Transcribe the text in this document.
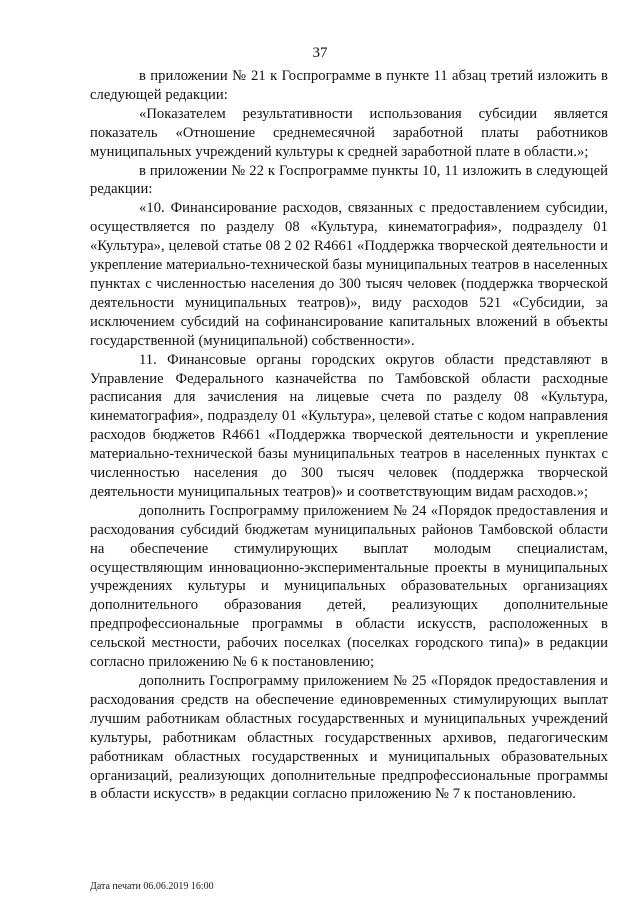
37

в приложении № 21 к Госпрограмме в пункте 11 абзац третий изложить в следующей редакции:

«Показателем результативности использования субсидии является показатель «Отношение среднемесячной заработной платы работников муниципальных учреждений культуры к средней заработной плате в области.»;

в приложении № 22 к Госпрограмме пункты 10, 11 изложить в следующей редакции:

«10. Финансирование расходов, связанных с предоставлением субсидии, осуществляется по разделу 08 «Культура, кинематография», подразделу 01 «Культура», целевой статье 08 2 02 R4661 «Поддержка творческой деятельности и укрепление материально-технической базы муниципальных театров в населенных пунктах с численностью населения до 300 тысяч человек (поддержка творческой деятельности муниципальных театров)», виду расходов 521 «Субсидии, за исключением субсидий на софинансирование капитальных вложений в объекты государственной (муниципальной) собственности».

11. Финансовые органы городских округов области представляют в Управление Федерального казначейства по Тамбовской области расходные расписания для зачисления на лицевые счета по разделу 08 «Культура, кинематография», подразделу 01 «Культура», целевой статье с кодом направления расходов бюджетов R4661 «Поддержка творческой деятельности и укрепление материально-технической базы муниципальных театров в населенных пунктах с численностью населения до 300 тысяч человек (поддержка творческой деятельности муниципальных театров)» и соответствующим видам расходов.»;

дополнить Госпрограмму приложением № 24 «Порядок предоставления и расходования субсидий бюджетам муниципальных районов Тамбовской области на обеспечение стимулирующих выплат молодым специалистам, осуществляющим инновационно-экспериментальные проекты в муниципальных учреждениях культуры и муниципальных образовательных организациях дополнительного образования детей, реализующих дополнительные предпрофессиональные программы в области искусств, расположенных в сельской местности, рабочих поселках (поселках городского типа)» в редакции согласно приложению № 6 к постановлению;

дополнить Госпрограмму приложением № 25 «Порядок предоставления и расходования средств на обеспечение единовременных стимулирующих выплат лучшим работникам областных государственных и муниципальных учреждений культуры, работникам областных государственных архивов, педагогическим работникам областных государственных и муниципальных образовательных организаций, реализующих дополнительные предпрофессиональные программы в области искусств» в редакции согласно приложению № 7 к постановлению.

Дата печати 06.06.2019 16:00
